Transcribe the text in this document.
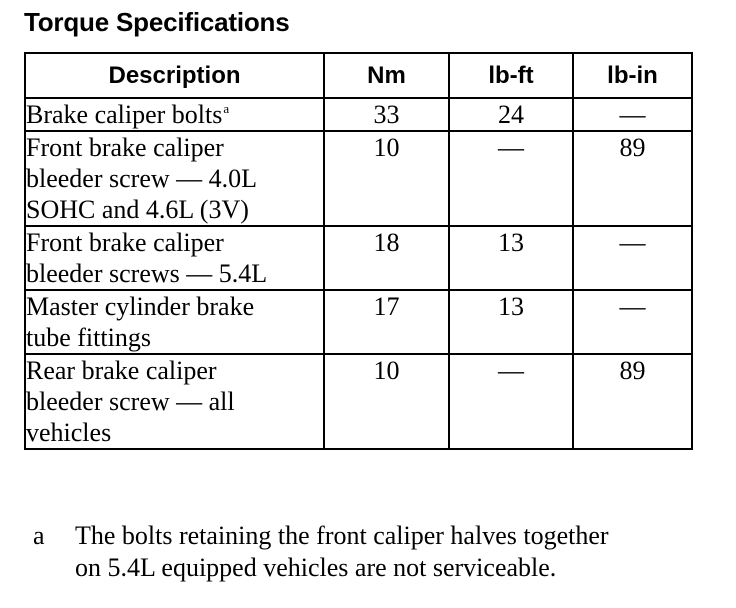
Torque Specifications
Description	Nm	lb-ft	lb-in
Brake caliper bolts$^a$	33	24	—
Front brake caliper
bleeder screw — 4.0L
SOHC and 4.6L (3V)	10	—	89
Front brake caliper
bleeder screws — 5.4L	18	13	—
Master cylinder brake
tube fittings	17	13	—
Rear brake caliper
bleeder screw — all
vehicles	10	—	89
a The bolts retaining the front caliper halves together
on 5.4L equipped vehicles are not serviceable.
